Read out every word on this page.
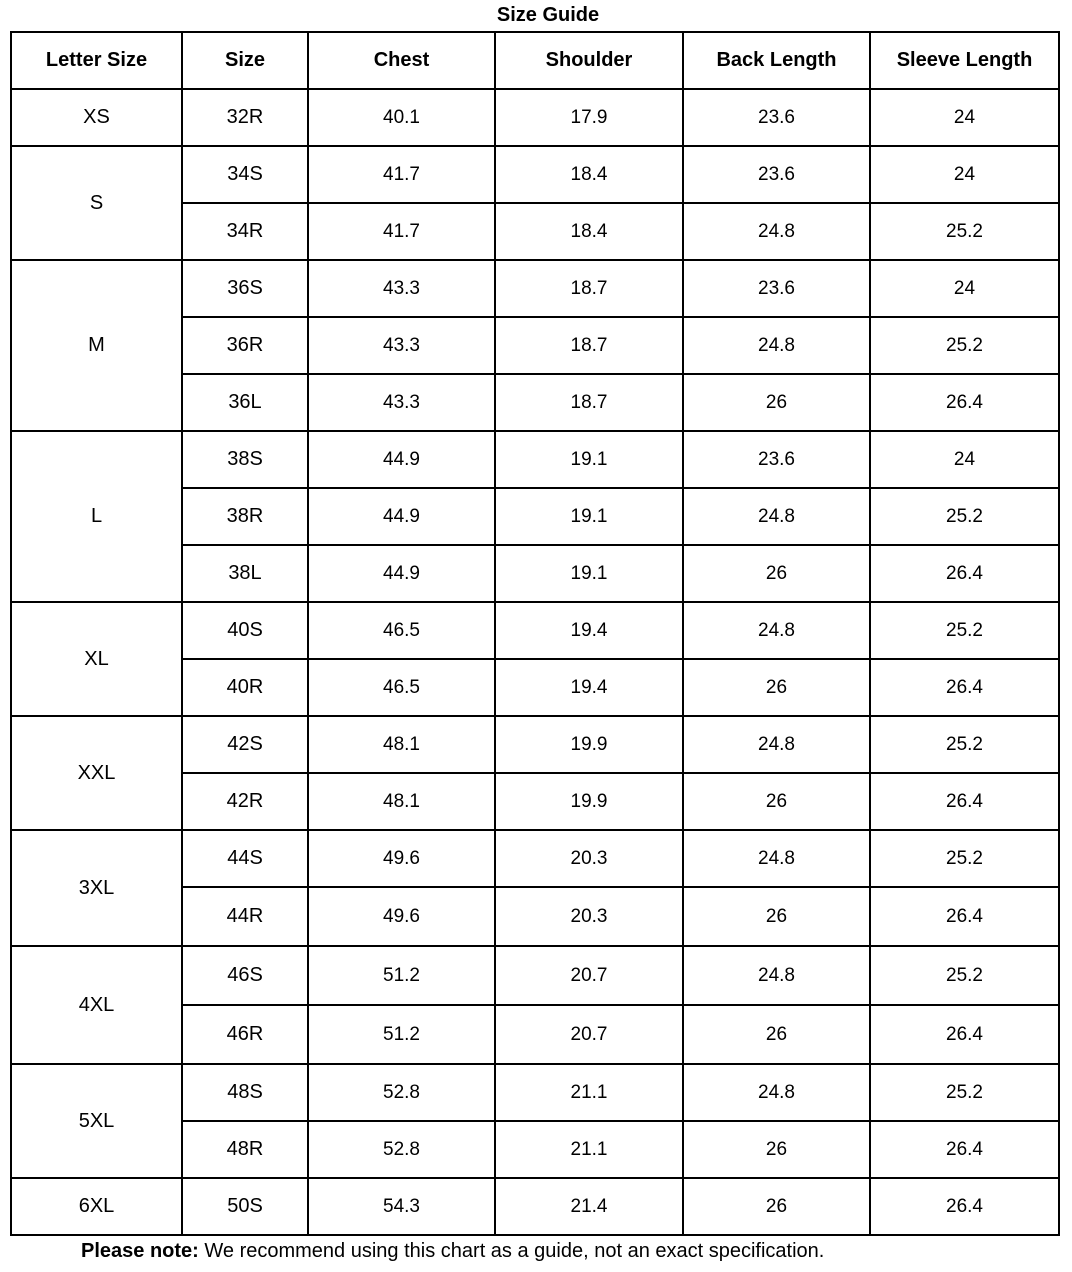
Size Guide
Letter Size	Size	Chest	Shoulder	Back Length	Sleeve Length
XS	32R	40.1	17.9	23.6	24
S	34S	41.7	18.4	23.6	24
	34R	41.7	18.4	24.8	25.2
M	36S	43.3	18.7	23.6	24
	36R	43.3	18.7	24.8	25.2
	36L	43.3	18.7	26	26.4
L	38S	44.9	19.1	23.6	24
	38R	44.9	19.1	24.8	25.2
	38L	44.9	19.1	26	26.4
XL	40S	46.5	19.4	24.8	25.2
	40R	46.5	19.4	26	26.4
XXL	42S	48.1	19.9	24.8	25.2
	42R	48.1	19.9	26	26.4
3XL	44S	49.6	20.3	24.8	25.2
	44R	49.6	20.3	26	26.4
4XL	46S	51.2	20.7	24.8	25.2
	46R	51.2	20.7	26	26.4
5XL	48S	52.8	21.1	24.8	25.2
	48R	52.8	21.1	26	26.4
6XL	50S	54.3	21.4	26	26.4
Please note: We recommend using this chart as a guide, not an exact specification.
